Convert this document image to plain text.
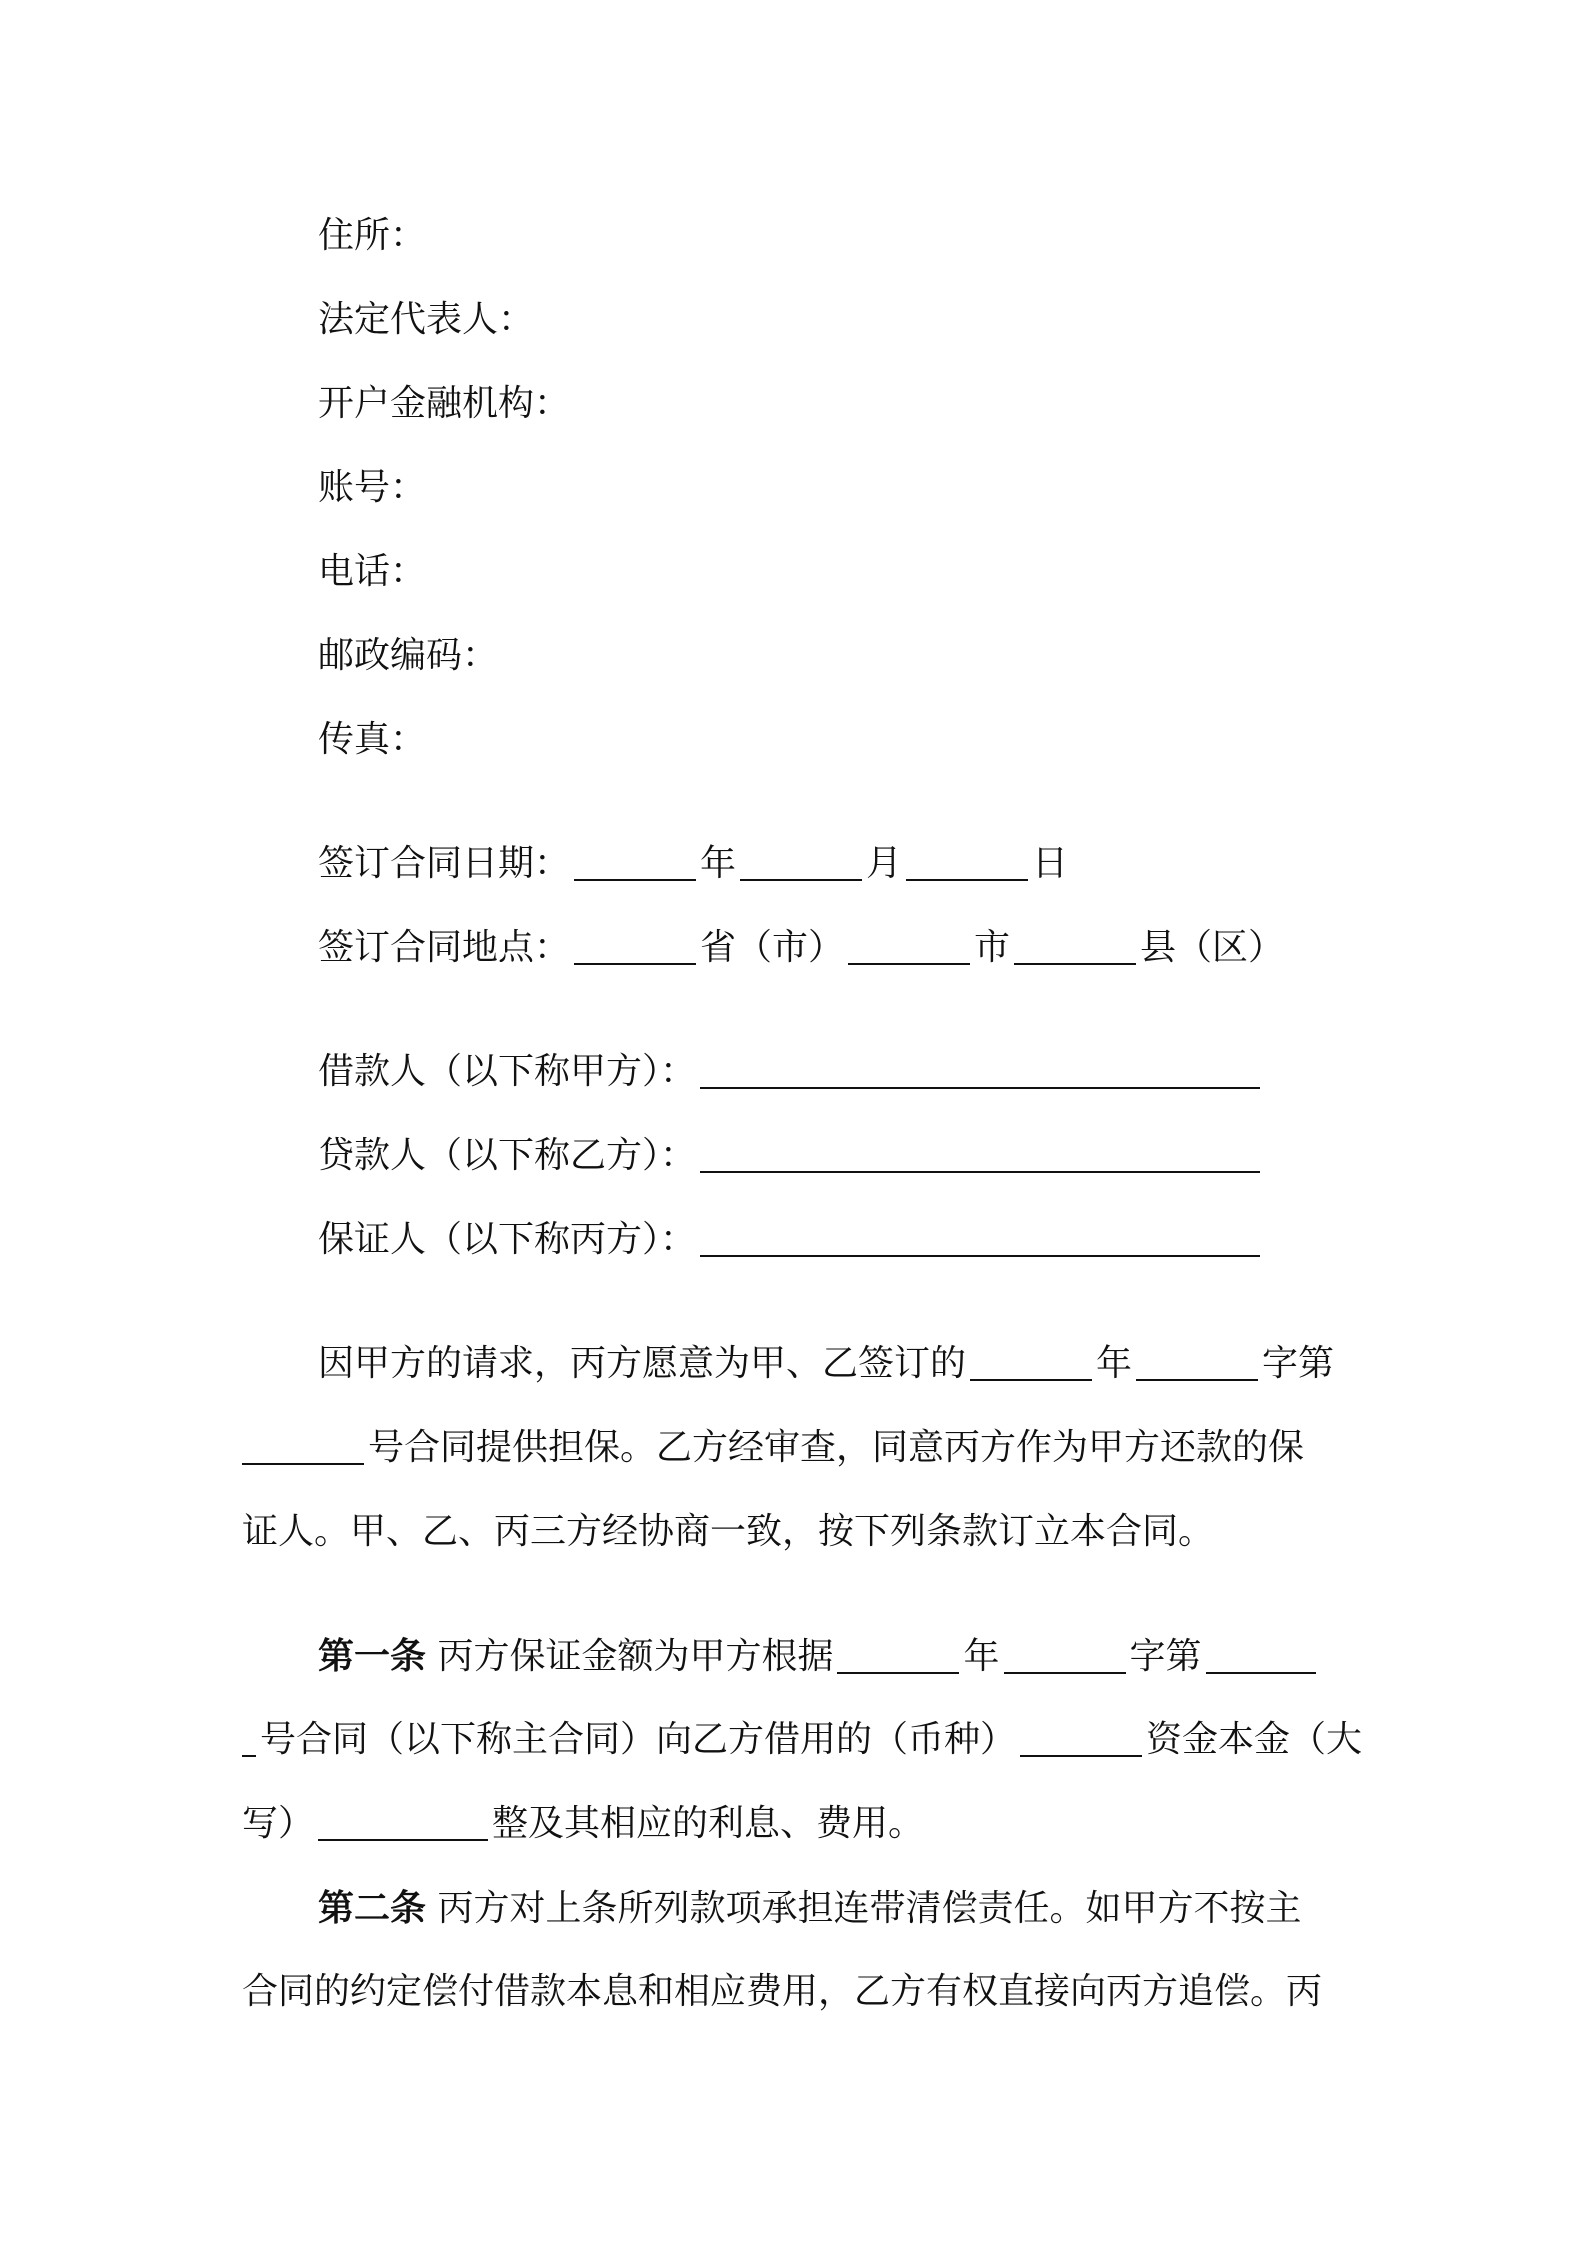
住所：
法定代表人：
开户金融机构：
账号：
电话：
邮政编码：
传真：
签订合同日期：	年	月	日
签订合同地点：	省（市）	市	县（区）
借款人（以下称甲方）：
贷款人（以下称乙方）：
保证人（以下称丙方）：
因甲方的请求，丙方愿意为甲、乙签订的	年	字第
号合同提供担保。乙方经审查，同意丙方作为甲方还款的保
证人。甲、乙、丙三方经协商一致，按下列条款订立本合同。
第一条 丙方保证金额为甲方根据	年	字第
号合同（以下称主合同）向乙方借用的（币种）	资金本金（大
写）	整及其相应的利息、费用。
第二条 丙方对上条所列款项承担连带清偿责任。如甲方不按主
合同的约定偿付借款本息和相应费用，乙方有权直接向丙方追偿。丙
